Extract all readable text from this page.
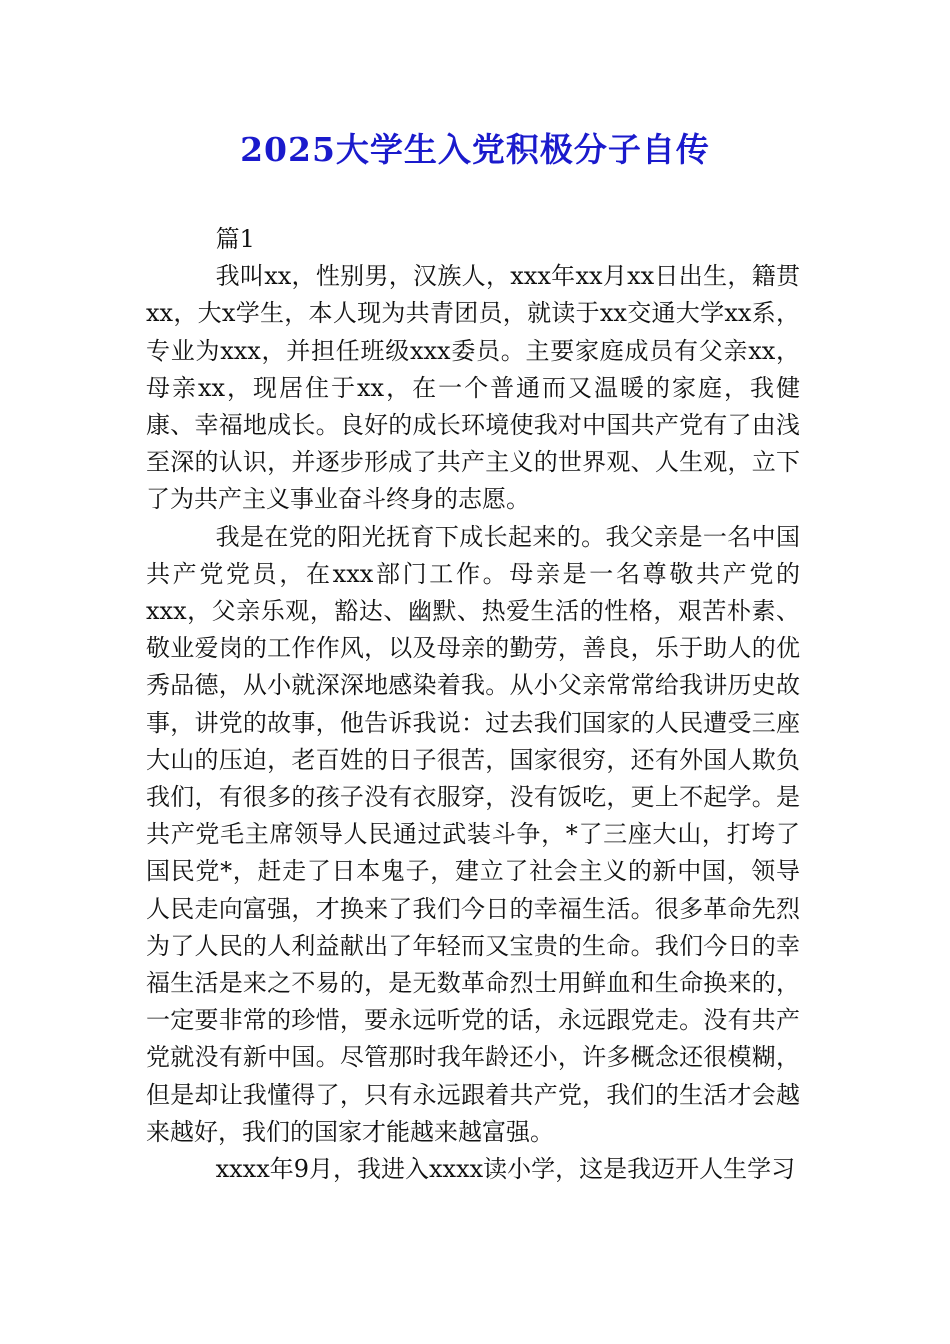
2025大学生入党积极分子自传

篇1

我叫xx，性别男，汉族人，xxx年xx月xx日出生，籍贯xx，大x学生，本人现为共青团员，就读于xx交通大学xx系，专业为xxx，并担任班级xxx委员。主要家庭成员有父亲xx，母亲xx，现居住于xx，在一个普通而又温暖的家庭，我健康、幸福地成长。良好的成长环境使我对中国共产党有了由浅至深的认识，并逐步形成了共产主义的世界观、人生观，立下了为共产主义事业奋斗终身的志愿。

我是在党的阳光抚育下成长起来的。我父亲是一名中国共产党党员，在xxx部门工作。母亲是一名尊敬共产党的xxx，父亲乐观，豁达、幽默、热爱生活的性格，艰苦朴素、敬业爱岗的工作作风，以及母亲的勤劳，善良，乐于助人的优秀品德，从小就深深地感染着我。从小父亲常常给我讲历史故事，讲党的故事，他告诉我说：过去我们国家的人民遭受三座大山的压迫，老百姓的日子很苦，国家很穷，还有外国人欺负我们，有很多的孩子没有衣服穿，没有饭吃，更上不起学。是共产党毛主席领导人民通过武装斗争，*了三座大山，打垮了国民党*，赶走了日本鬼子，建立了社会主义的新中国，领导人民走向富强，才换来了我们今日的幸福生活。很多革命先烈为了人民的人利益献出了年轻而又宝贵的生命。我们今日的幸福生活是来之不易的，是无数革命烈士用鲜血和生命换来的，一定要非常的珍惜，要永远听党的话，永远跟党走。没有共产党就没有新中国。尽管那时我年龄还小，许多概念还很模糊，但是却让我懂得了，只有永远跟着共产党，我们的生活才会越来越好，我们的国家才能越来越富强。

xxxx年9月，我进入xxxx读小学，这是我迈开人生学习
